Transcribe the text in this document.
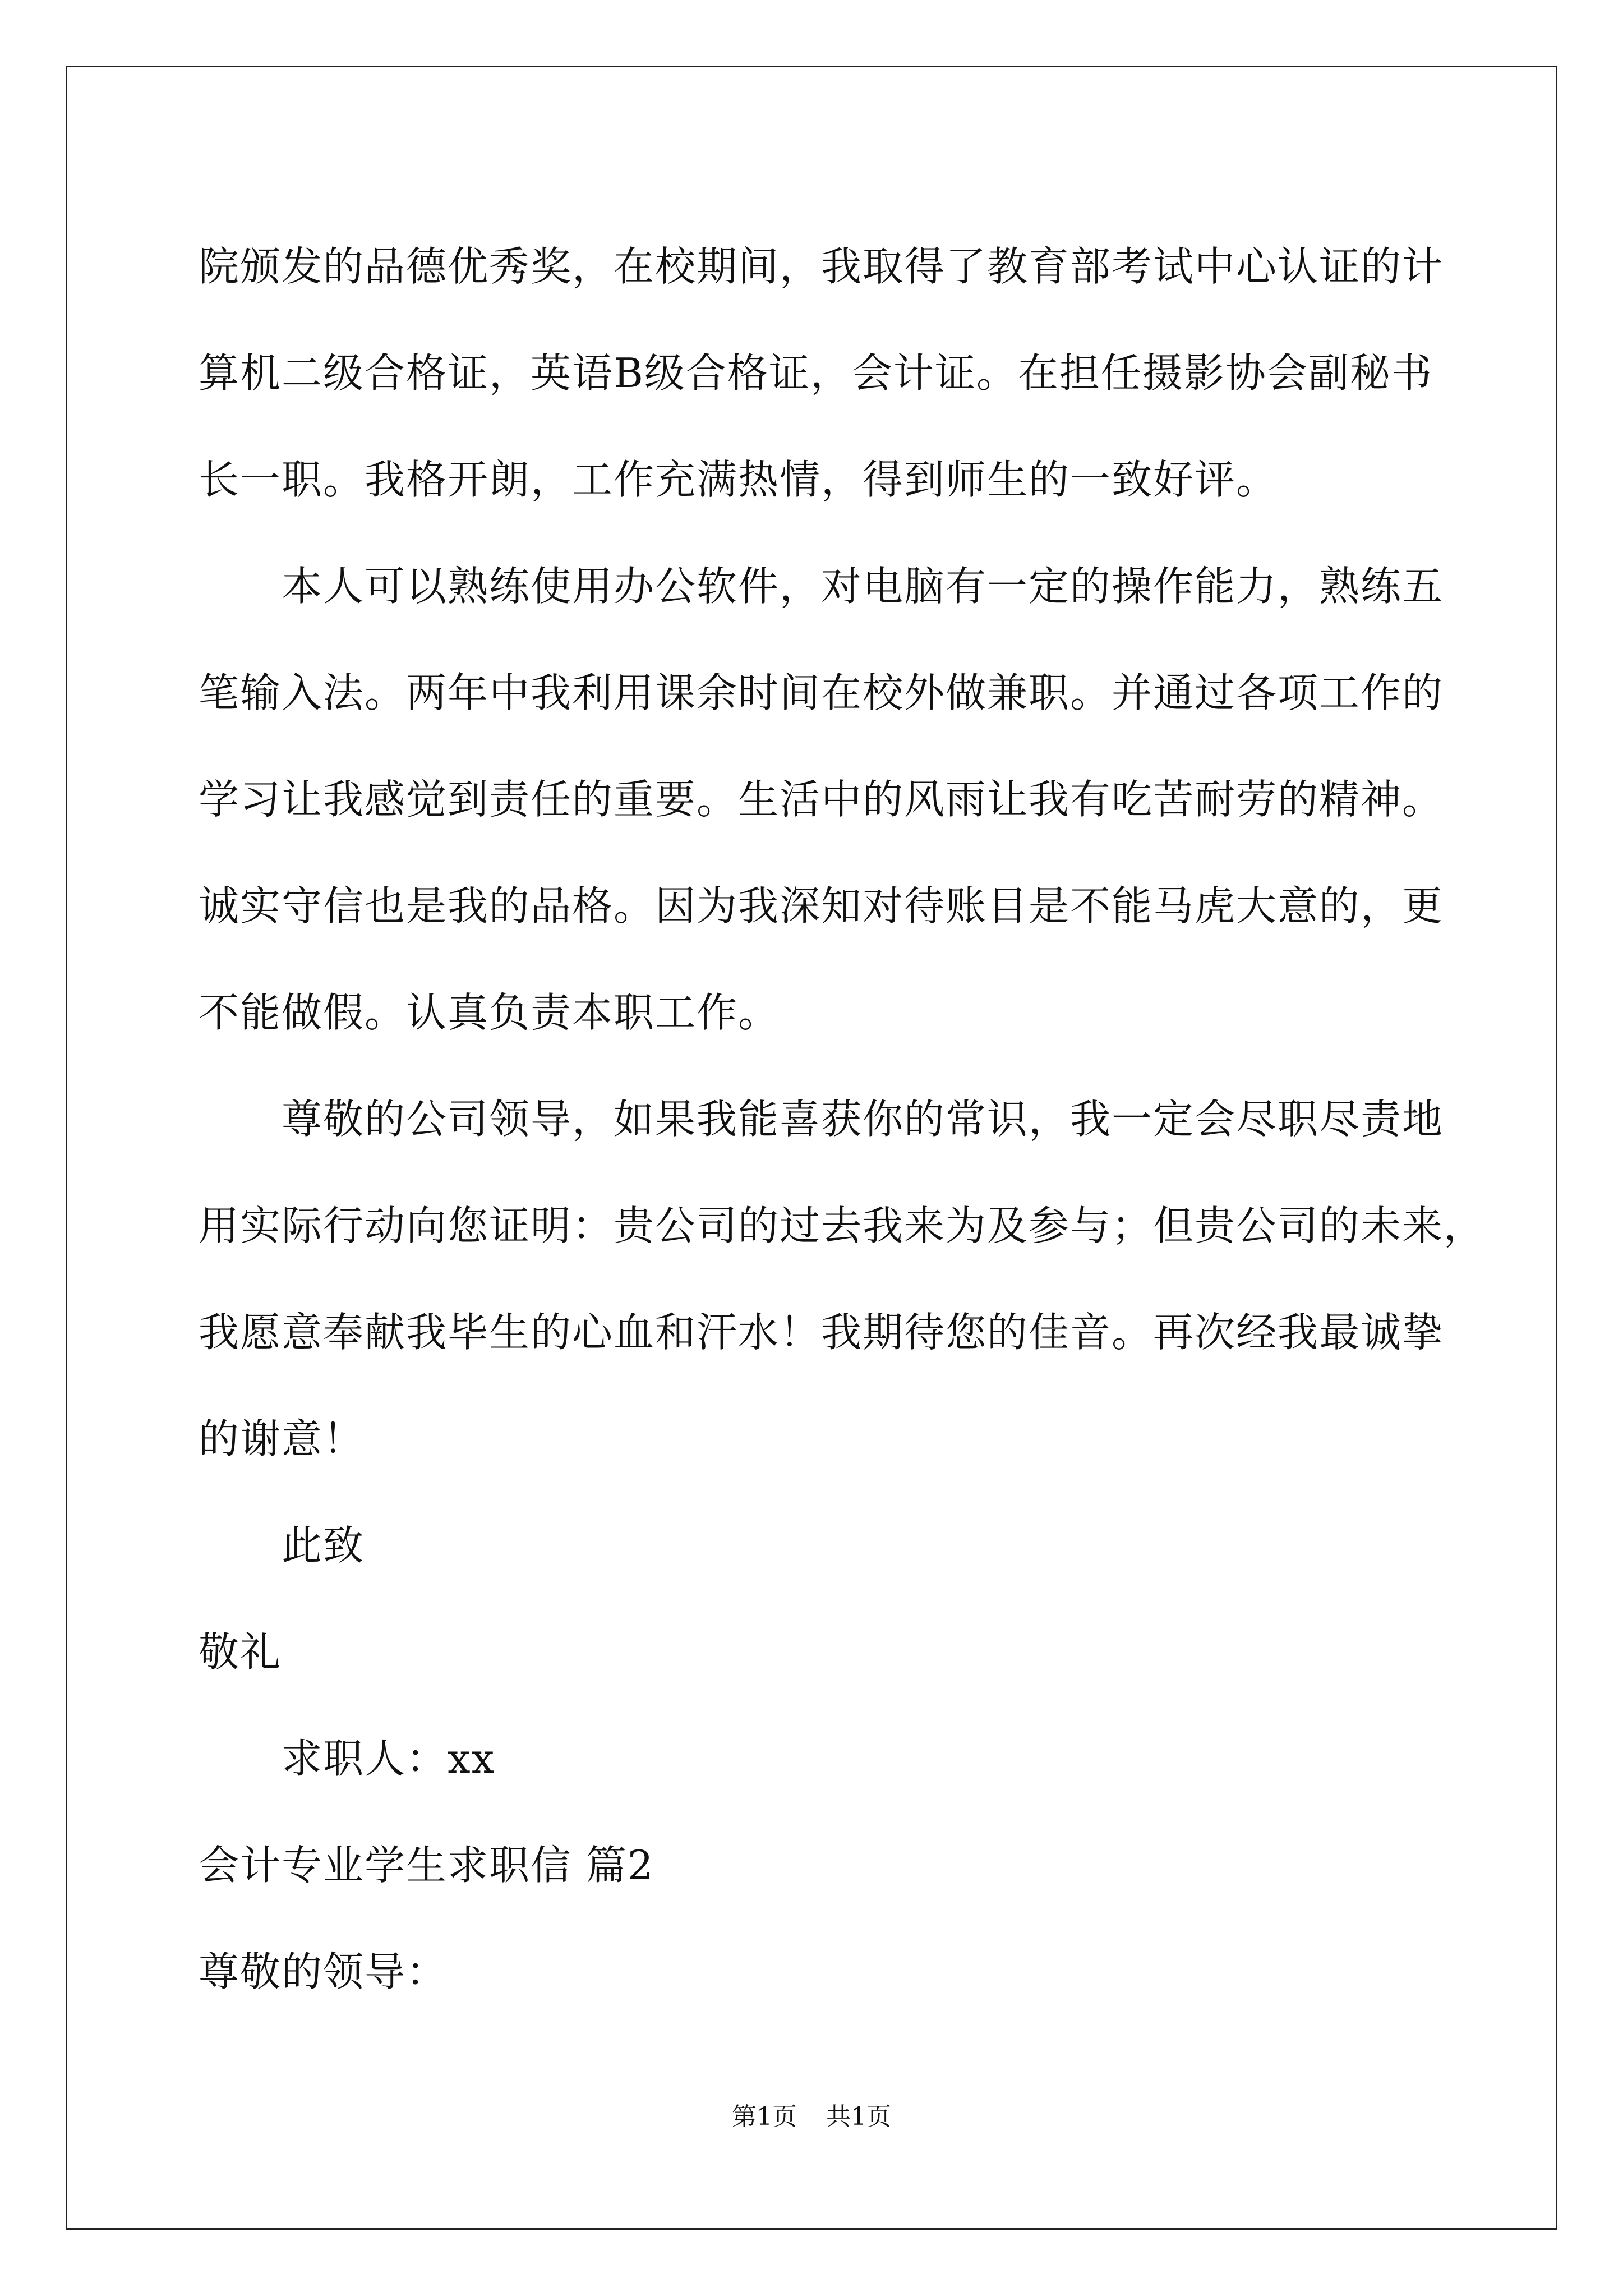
院颁发的品德优秀奖，在校期间，我取得了教育部考试中心认证的计
算机二级合格证，英语B级合格证，会计证。在担任摄影协会副秘书
长一职。我格开朗，工作充满热情，得到师生的一致好评。
本人可以熟练使用办公软件，对电脑有一定的操作能力，熟练五
笔输入法。两年中我利用课余时间在校外做兼职。并通过各项工作的
学习让我感觉到责任的重要。生活中的风雨让我有吃苦耐劳的精神。
诚实守信也是我的品格。因为我深知对待账目是不能马虎大意的，更
不能做假。认真负责本职工作。
尊敬的公司领导，如果我能喜获你的常识，我一定会尽职尽责地
用实际行动向您证明：贵公司的过去我来为及参与；但贵公司的未来，
我愿意奉献我毕生的心血和汗水！我期待您的佳音。再次经我最诚挚
的谢意！
此致
敬礼
求职人：xx
会计专业学生求职信 篇2
尊敬的领导：
第1页 共1页
